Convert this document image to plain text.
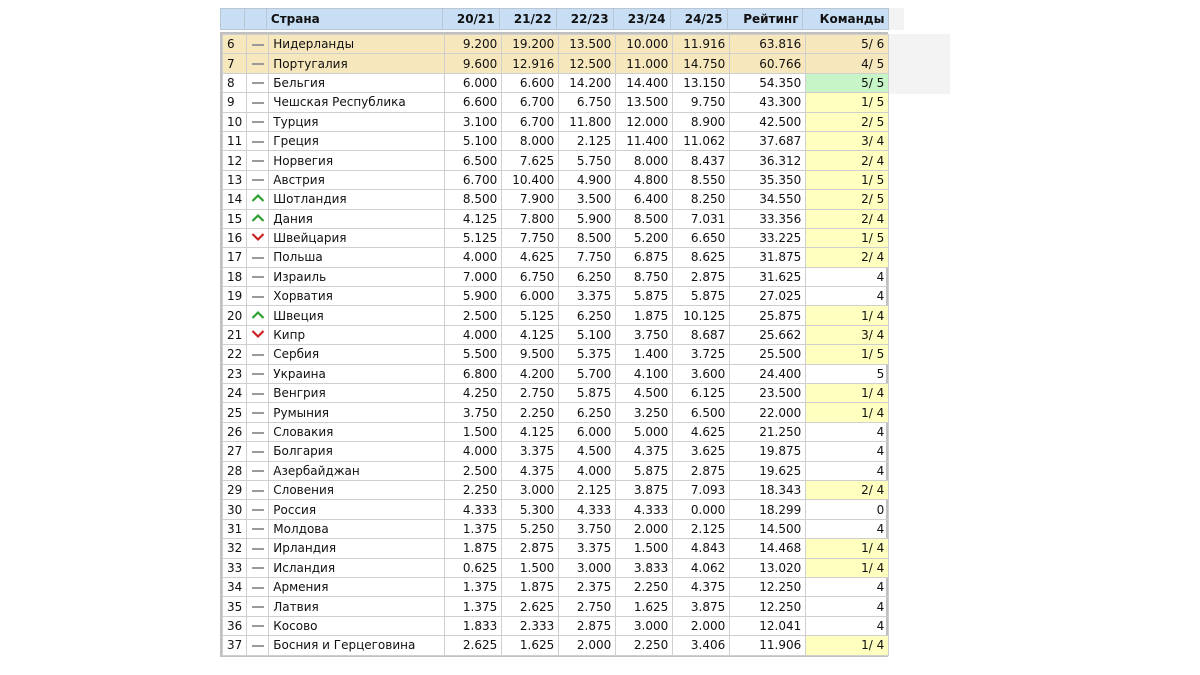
		Страна	20/21	21/22	22/23	23/24	24/25	Рейтинг	Команды	
6		Нидерланды	9.200	19.200	13.500	10.000	11.916	63.816	5/ 6
7		Португалия	9.600	12.916	12.500	11.000	14.750	60.766	4/ 5
8		Бельгия	6.000	6.600	14.200	14.400	13.150	54.350	5/ 5
9		Чешская Республика	6.600	6.700	6.750	13.500	9.750	43.300	1/ 5
10		Турция	3.100	6.700	11.800	12.000	8.900	42.500	2/ 5
11		Греция	5.100	8.000	2.125	11.400	11.062	37.687	3/ 4
12		Норвегия	6.500	7.625	5.750	8.000	8.437	36.312	2/ 4
13		Австрия	6.700	10.400	4.900	4.800	8.550	35.350	1/ 5
14		Шотландия	8.500	7.900	3.500	6.400	8.250	34.550	2/ 5
15		Дания	4.125	7.800	5.900	8.500	7.031	33.356	2/ 4
16		Швейцария	5.125	7.750	8.500	5.200	6.650	33.225	1/ 5
17		Польша	4.000	4.625	7.750	6.875	8.625	31.875	2/ 4
18		Израиль	7.000	6.750	6.250	8.750	2.875	31.625	4
19		Хорватия	5.900	6.000	3.375	5.875	5.875	27.025	4
20		Швеция	2.500	5.125	6.250	1.875	10.125	25.875	1/ 4
21		Кипр	4.000	4.125	5.100	3.750	8.687	25.662	3/ 4
22		Сербия	5.500	9.500	5.375	1.400	3.725	25.500	1/ 5
23		Украина	6.800	4.200	5.700	4.100	3.600	24.400	5
24		Венгрия	4.250	2.750	5.875	4.500	6.125	23.500	1/ 4
25		Румыния	3.750	2.250	6.250	3.250	6.500	22.000	1/ 4
26		Словакия	1.500	4.125	6.000	5.000	4.625	21.250	4
27		Болгария	4.000	3.375	4.500	4.375	3.625	19.875	4
28		Азербайджан	2.500	4.375	4.000	5.875	2.875	19.625	4
29		Словения	2.250	3.000	2.125	3.875	7.093	18.343	2/ 4
30		Россия	4.333	5.300	4.333	4.333	0.000	18.299	0
31		Молдова	1.375	5.250	3.750	2.000	2.125	14.500	4
32		Ирландия	1.875	2.875	3.375	1.500	4.843	14.468	1/ 4
33		Исландия	0.625	1.500	3.000	3.833	4.062	13.020	1/ 4
34		Армения	1.375	1.875	2.375	2.250	4.375	12.250	4
35		Латвия	1.375	2.625	2.750	1.625	3.875	12.250	4
36		Косово	1.833	2.333	2.875	3.000	2.000	12.041	4
37		Босния и Герцеговина	2.625	1.625	2.000	2.250	3.406	11.906	1/ 4
